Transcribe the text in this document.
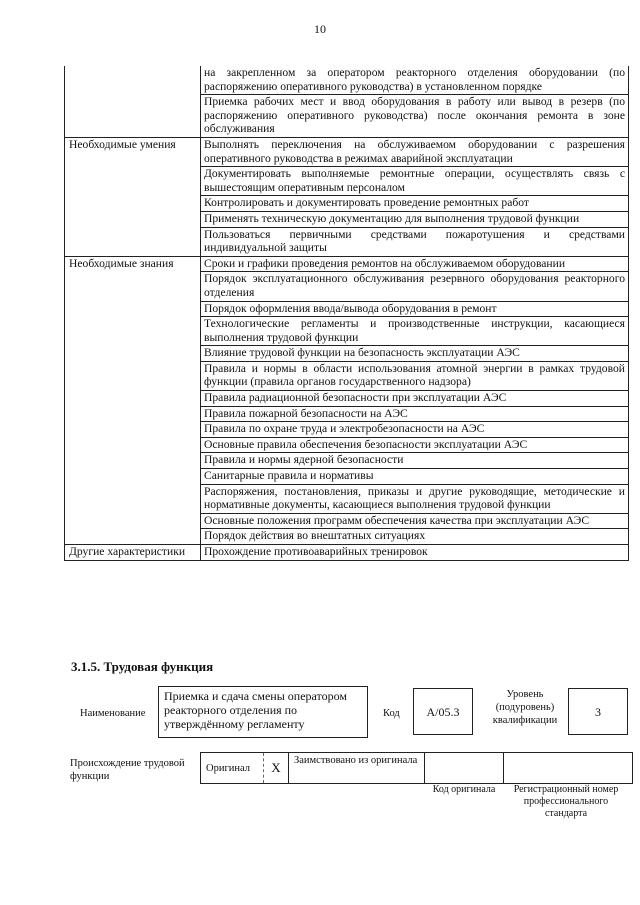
10
	на закрепленном за оператором реакторного отделения оборудовании (по распоряжению оперативного руководства) в установленном порядке
	Приемка рабочих мест и ввод оборудования в работу или вывод в резерв (по распоряжению оперативного руководства) после окончания ремонта в зоне обслуживания
Необходимые умения	Выполнять переключения на обслуживаемом оборудовании с разрешения оперативного руководства в режимах аварийной эксплуатации
	Документировать выполняемые ремонтные операции, осуществлять связь с вышестоящим оперативным персоналом
	Контролировать и документировать проведение ремонтных работ
	Применять техническую документацию для выполнения трудовой функции
	Пользоваться первичными средствами пожаротушения и средствами индивидуальной защиты
Необходимые знания	Сроки и графики проведения ремонтов на обслуживаемом оборудовании
	Порядок эксплуатационного обслуживания резервного оборудования реакторного отделения
	Порядок оформления ввода/вывода оборудования в ремонт
	Технологические регламенты и производственные инструкции, касающиеся выполнения трудовой функции
	Влияние трудовой функции на безопасность эксплуатации АЭС
	Правила и нормы в области использования атомной энергии в рамках трудовой функции (правила органов государственного надзора)
	Правила радиационной безопасности при эксплуатации АЭС
	Правила пожарной безопасности на АЭС
	Правила по охране труда и электробезопасности на АЭС
	Основные правила обеспечения безопасности эксплуатации АЭС
	Правила и нормы ядерной безопасности
	Санитарные правила и нормативы
	Распоряжения, постановления, приказы и другие руководящие, методические и нормативные документы, касающиеся выполнения трудовой функции
	Основные положения программ обеспечения качества при эксплуатации АЭС
	Порядок действия во внештатных ситуациях
Другие характеристики	Прохождение противоаварийных тренировок
3.1.5. Трудовая функция
Наименование
Приемка и сдача смены оператором реакторного отделения по утверждённому регламенту
Код	А/05.3
Уровень (подуровень) квалификации
3
Происхождение трудовой функции
Оригинал	X	Заимствовано из оригинала		
Код оригинала	Регистрационный номер профессионального стандарта
